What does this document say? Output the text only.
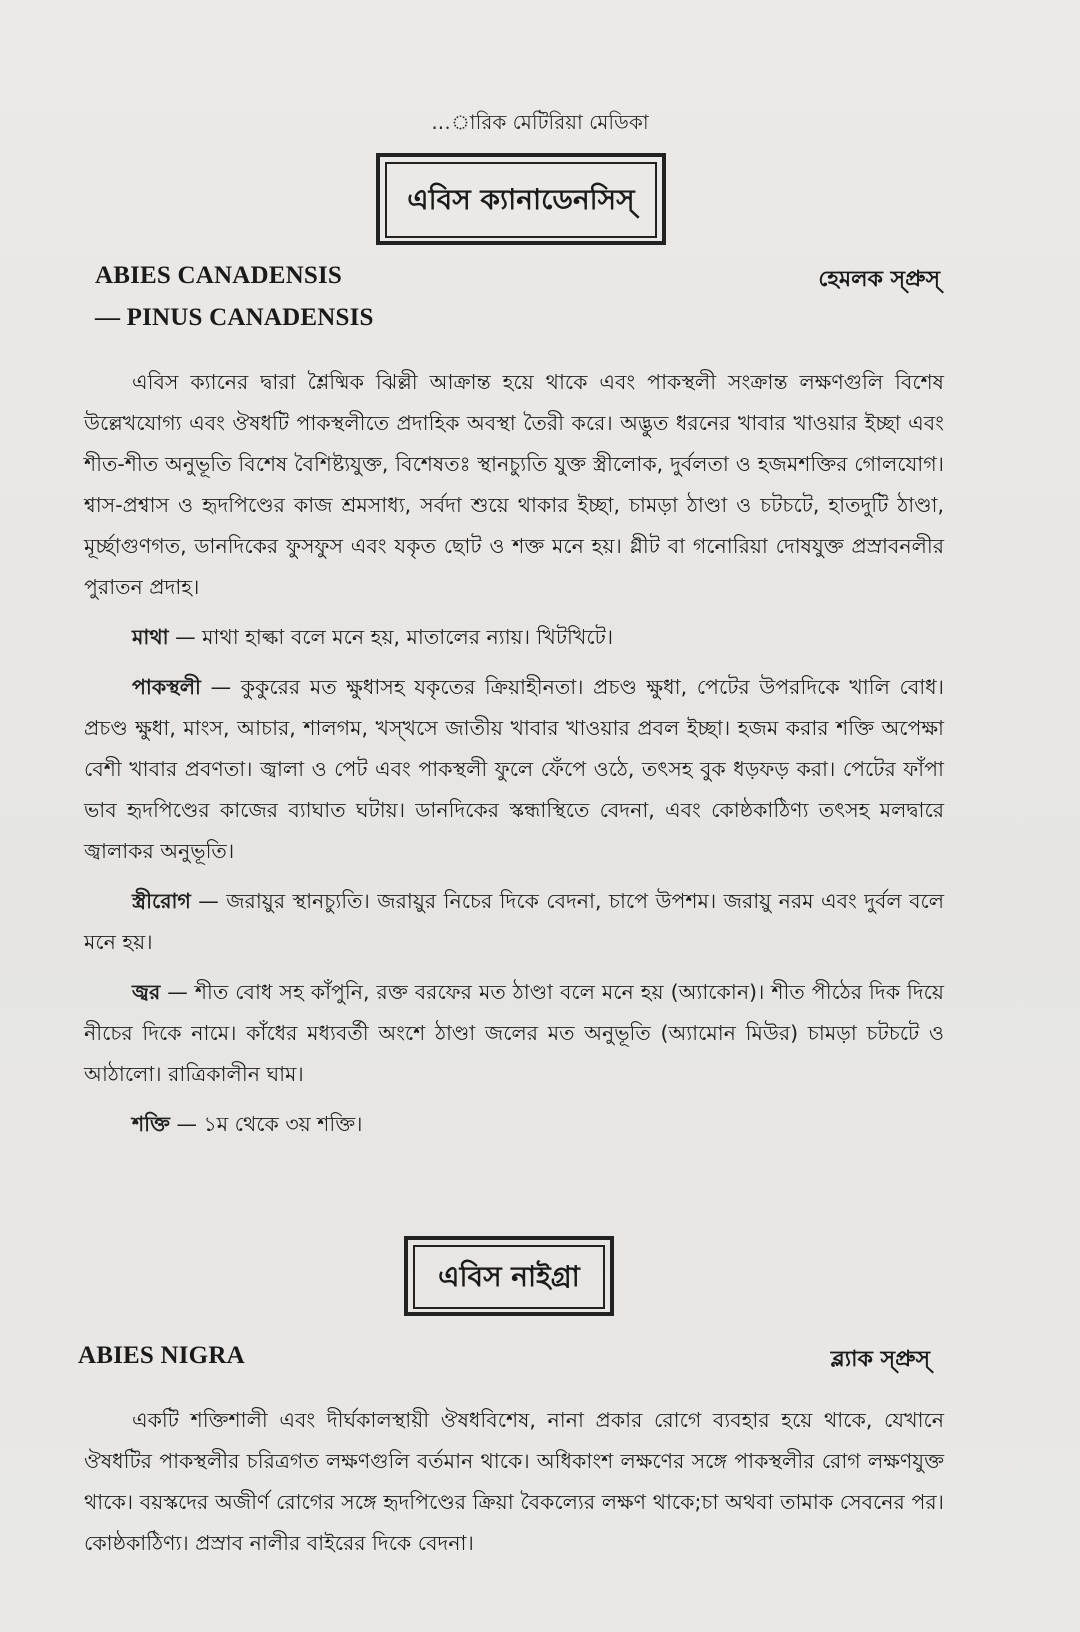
...ারিক মেটিরিয়া মেডিকা
এবিস ক্যানাডেনসিস্
ABIES CANADENSIS
— PINUS CANADENSIS
হেমলক স্প্রুস্

এবিস ক্যানের দ্বারা শ্লৈষ্মিক ঝিল্লী আক্রান্ত হয়ে থাকে এবং পাকস্থলী সংক্রান্ত লক্ষণগুলি বিশেষ উল্লেখযোগ্য এবং ঔষধটি পাকস্থলীতে প্রদাহিক অবস্থা তৈরী করে। অদ্ভুত ধরনের খাবার খাওয়ার ইচ্ছা এবং শীত-শীত অনুভূতি বিশেষ বৈশিষ্ট্যযুক্ত, বিশেষতঃ স্থানচ্যুতি যুক্ত স্ত্রীলোক, দুর্বলতা ও হজমশক্তির গোলযোগ। শ্বাস-প্রশ্বাস ও হৃদপিণ্ডের কাজ শ্রমসাধ্য, সর্বদা শুয়ে থাকার ইচ্ছা, চামড়া ঠাণ্ডা ও চটচটে, হাতদুটি ঠাণ্ডা, মূর্চ্ছাগুণগত, ডানদিকের ফুসফুস এবং যকৃত ছোট ও শক্ত মনে হয়। গ্লীট বা গনোরিয়া দোষযুক্ত প্রস্রাবনলীর পুরাতন প্রদাহ।

মাথা — মাথা হাল্কা বলে মনে হয়, মাতালের ন্যায়। খিটখিটে।

পাকস্থলী — কুকুরের মত ক্ষুধাসহ যকৃতের ক্রিয়াহীনতা। প্রচণ্ড ক্ষুধা, পেটের উপরদিকে খালি বোধ। প্রচণ্ড ক্ষুধা, মাংস, আচার, শালগম, খস্‌খসে জাতীয় খাবার খাওয়ার প্রবল ইচ্ছা। হজম করার শক্তি অপেক্ষা বেশী খাবার প্রবণতা। জ্বালা ও পেট এবং পাকস্থলী ফুলে ফেঁপে ওঠে, তৎসহ বুক ধড়ফড় করা। পেটের ফাঁপা ভাব হৃদপিণ্ডের কাজের ব্যাঘাত ঘটায়। ডানদিকের স্কন্ধাস্থিতে বেদনা, এবং কোষ্ঠকাঠিণ্য তৎসহ মলদ্বারে জ্বালাকর অনুভূতি।

স্ত্রীরোগ — জরায়ুর স্থানচ্যুতি। জরায়ুর নিচের দিকে বেদনা, চাপে উপশম। জরায়ু নরম এবং দুর্বল বলে মনে হয়।

জ্বর — শীত বোধ সহ কাঁপুনি, রক্ত বরফের মত ঠাণ্ডা বলে মনে হয় (অ্যাকোন)। শীত পীঠের দিক দিয়ে নীচের দিকে নামে। কাঁধের মধ্যবর্তী অংশে ঠাণ্ডা জলের মত অনুভূতি (অ্যামোন মিউর) চামড়া চটচটে ও আঠালো। রাত্রিকালীন ঘাম।

শক্তি — ১ম থেকে ৩য় শক্তি।

এবিস নাইগ্রা
ABIES NIGRA	ব্ল্যাক স্প্রুস্

একটি শক্তিশালী এবং দীর্ঘকালস্থায়ী ঔষধবিশেষ, নানা প্রকার রোগে ব্যবহার হয়ে থাকে, যেখানে ঔষধটির পাকস্থলীর চরিত্রগত লক্ষণগুলি বর্তমান থাকে। অধিকাংশ লক্ষণের সঙ্গে পাকস্থলীর রোগ লক্ষণযুক্ত থাকে। বয়স্কদের অজীর্ণ রোগের সঙ্গে হৃদপিণ্ডের ক্রিয়া বৈকল্যের লক্ষণ থাকে;চা অথবা তামাক সেবনের পর। কোষ্ঠকাঠিণ্য। প্রস্রাব নালীর বাইরের দিকে বেদনা।
